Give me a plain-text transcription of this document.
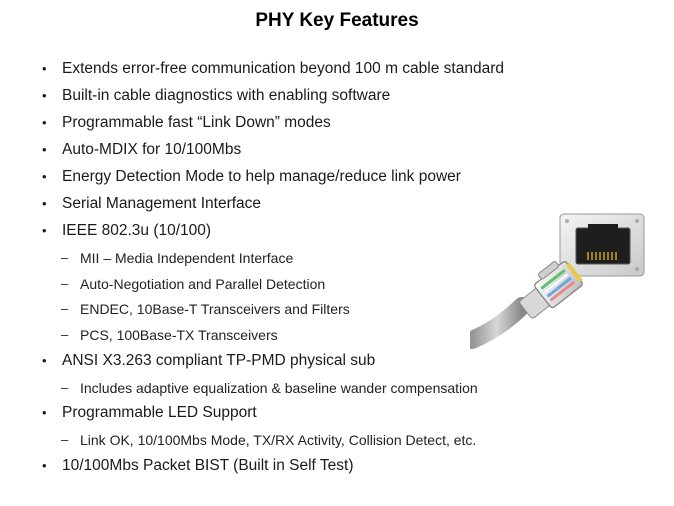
PHY Key Features
• Extends error-free communication beyond 100 m cable standard
• Built-in cable diagnostics with enabling software
• Programmable fast “Link Down” modes
• Auto-MDIX for 10/100Mbs
• Energy Detection Mode to help manage/reduce link power
• Serial Management Interface
• IEEE 802.3u (10/100)
– MII – Media Independent Interface
– Auto-Negotiation and Parallel Detection
– ENDEC, 10Base-T Transceivers and Filters
– PCS, 100Base-TX Transceivers
• ANSI X3.263 compliant TP-PMD physical sub
– Includes adaptive equalization & baseline wander compensation
• Programmable LED Support
– Link OK, 10/100Mbs Mode, TX/RX Activity, Collision Detect, etc.
• 10/100Mbs Packet BIST (Built in Self Test)
